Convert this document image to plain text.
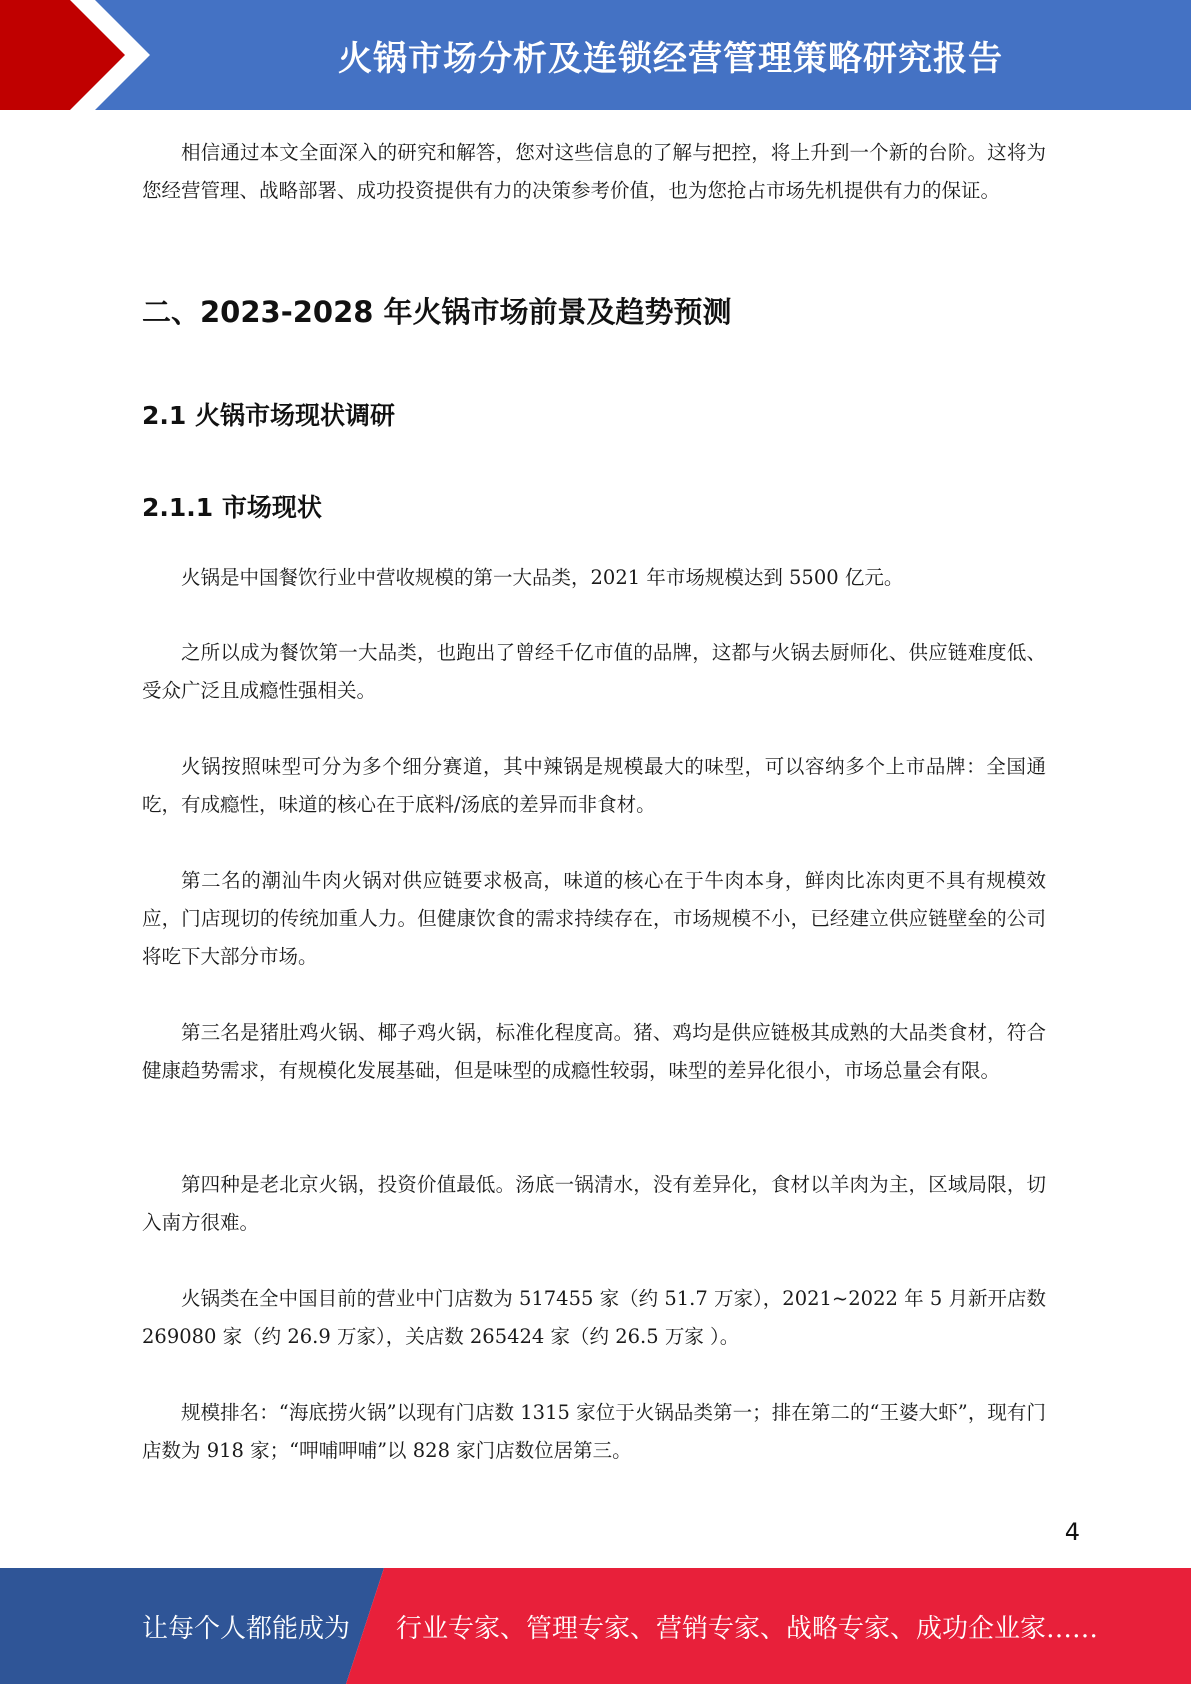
火锅市场分析及连锁经营管理策略研究报告

相信通过本文全面深入的研究和解答，您对这些信息的了解与把控，将上升到一个新的台阶。这将为您经营管理、战略部署、成功投资提供有力的决策参考价值，也为您抢占市场先机提供有力的保证。

二、2023-2028 年火锅市场前景及趋势预测
2.1 火锅市场现状调研
2.1.1 市场现状

火锅是中国餐饮行业中营收规模的第一大品类，2021 年市场规模达到 5500 亿元。

之所以成为餐饮第一大品类，也跑出了曾经千亿市值的品牌，这都与火锅去厨师化、供应链难度低、受众广泛且成瘾性强相关。

火锅按照味型可分为多个细分赛道，其中辣锅是规模最大的味型，可以容纳多个上市品牌：全国通吃，有成瘾性，味道的核心在于底料/汤底的差异而非食材。

第二名的潮汕牛肉火锅对供应链要求极高，味道的核心在于牛肉本身，鲜肉比冻肉更不具有规模效应，门店现切的传统加重人力。但健康饮食的需求持续存在，市场规模不小，已经建立供应链壁垒的公司将吃下大部分市场。

第三名是猪肚鸡火锅、椰子鸡火锅，标准化程度高。猪、鸡均是供应链极其成熟的大品类食材，符合健康趋势需求，有规模化发展基础，但是味型的成瘾性较弱，味型的差异化很小，市场总量会有限。

第四种是老北京火锅，投资价值最低。汤底一锅清水，没有差异化，食材以羊肉为主，区域局限，切入南方很难。

火锅类在全中国目前的营业中门店数为 517455 家（约 51.7 万家），2021~2022 年 5 月新开店数 269080 家（约 26.9 万家），关店数 265424 家（约 26.5 万家 ）。

规模排名：“海底捞火锅”以现有门店数 1315 家位于火锅品类第一；排在第二的“王婆大虾”，现有门店数为 918 家；“呷哺呷哺”以 828 家门店数位居第三。

4
让每个人都能成为 行业专家、管理专家、营销专家、战略专家、成功企业家……
